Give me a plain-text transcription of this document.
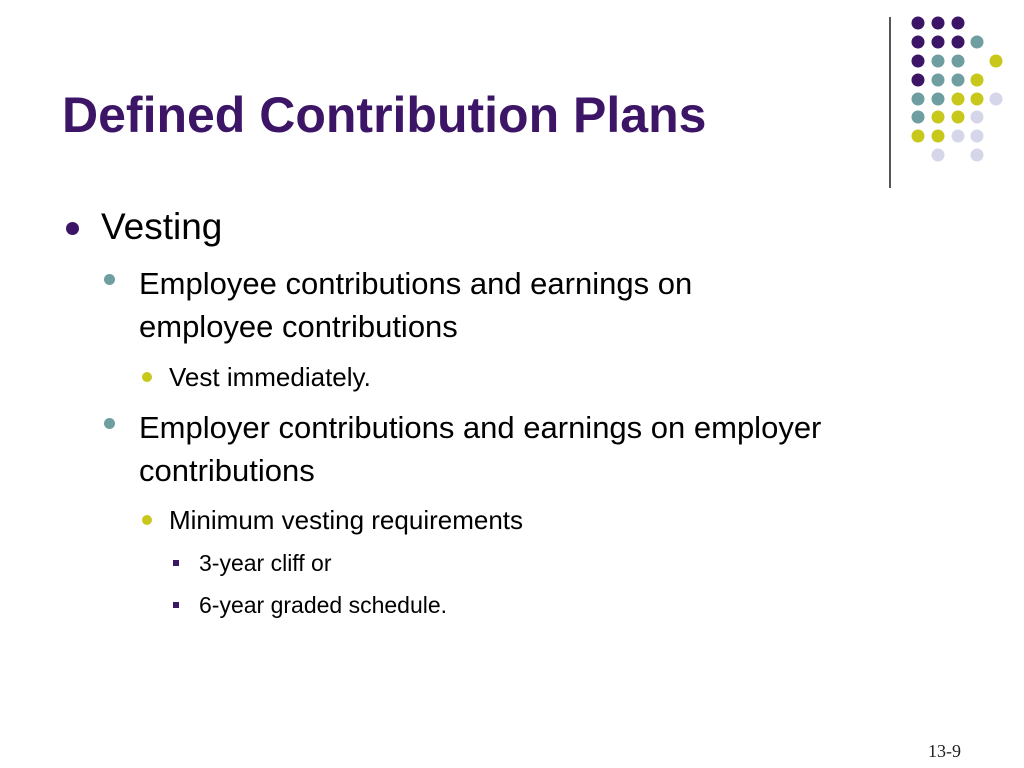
Defined Contribution Plans
Vesting
Employee contributions and earnings on employee contributions
Vest immediately.
Employer contributions and earnings on employer contributions
Minimum vesting requirements
3-year cliff or
6-year graded schedule.
13-9
